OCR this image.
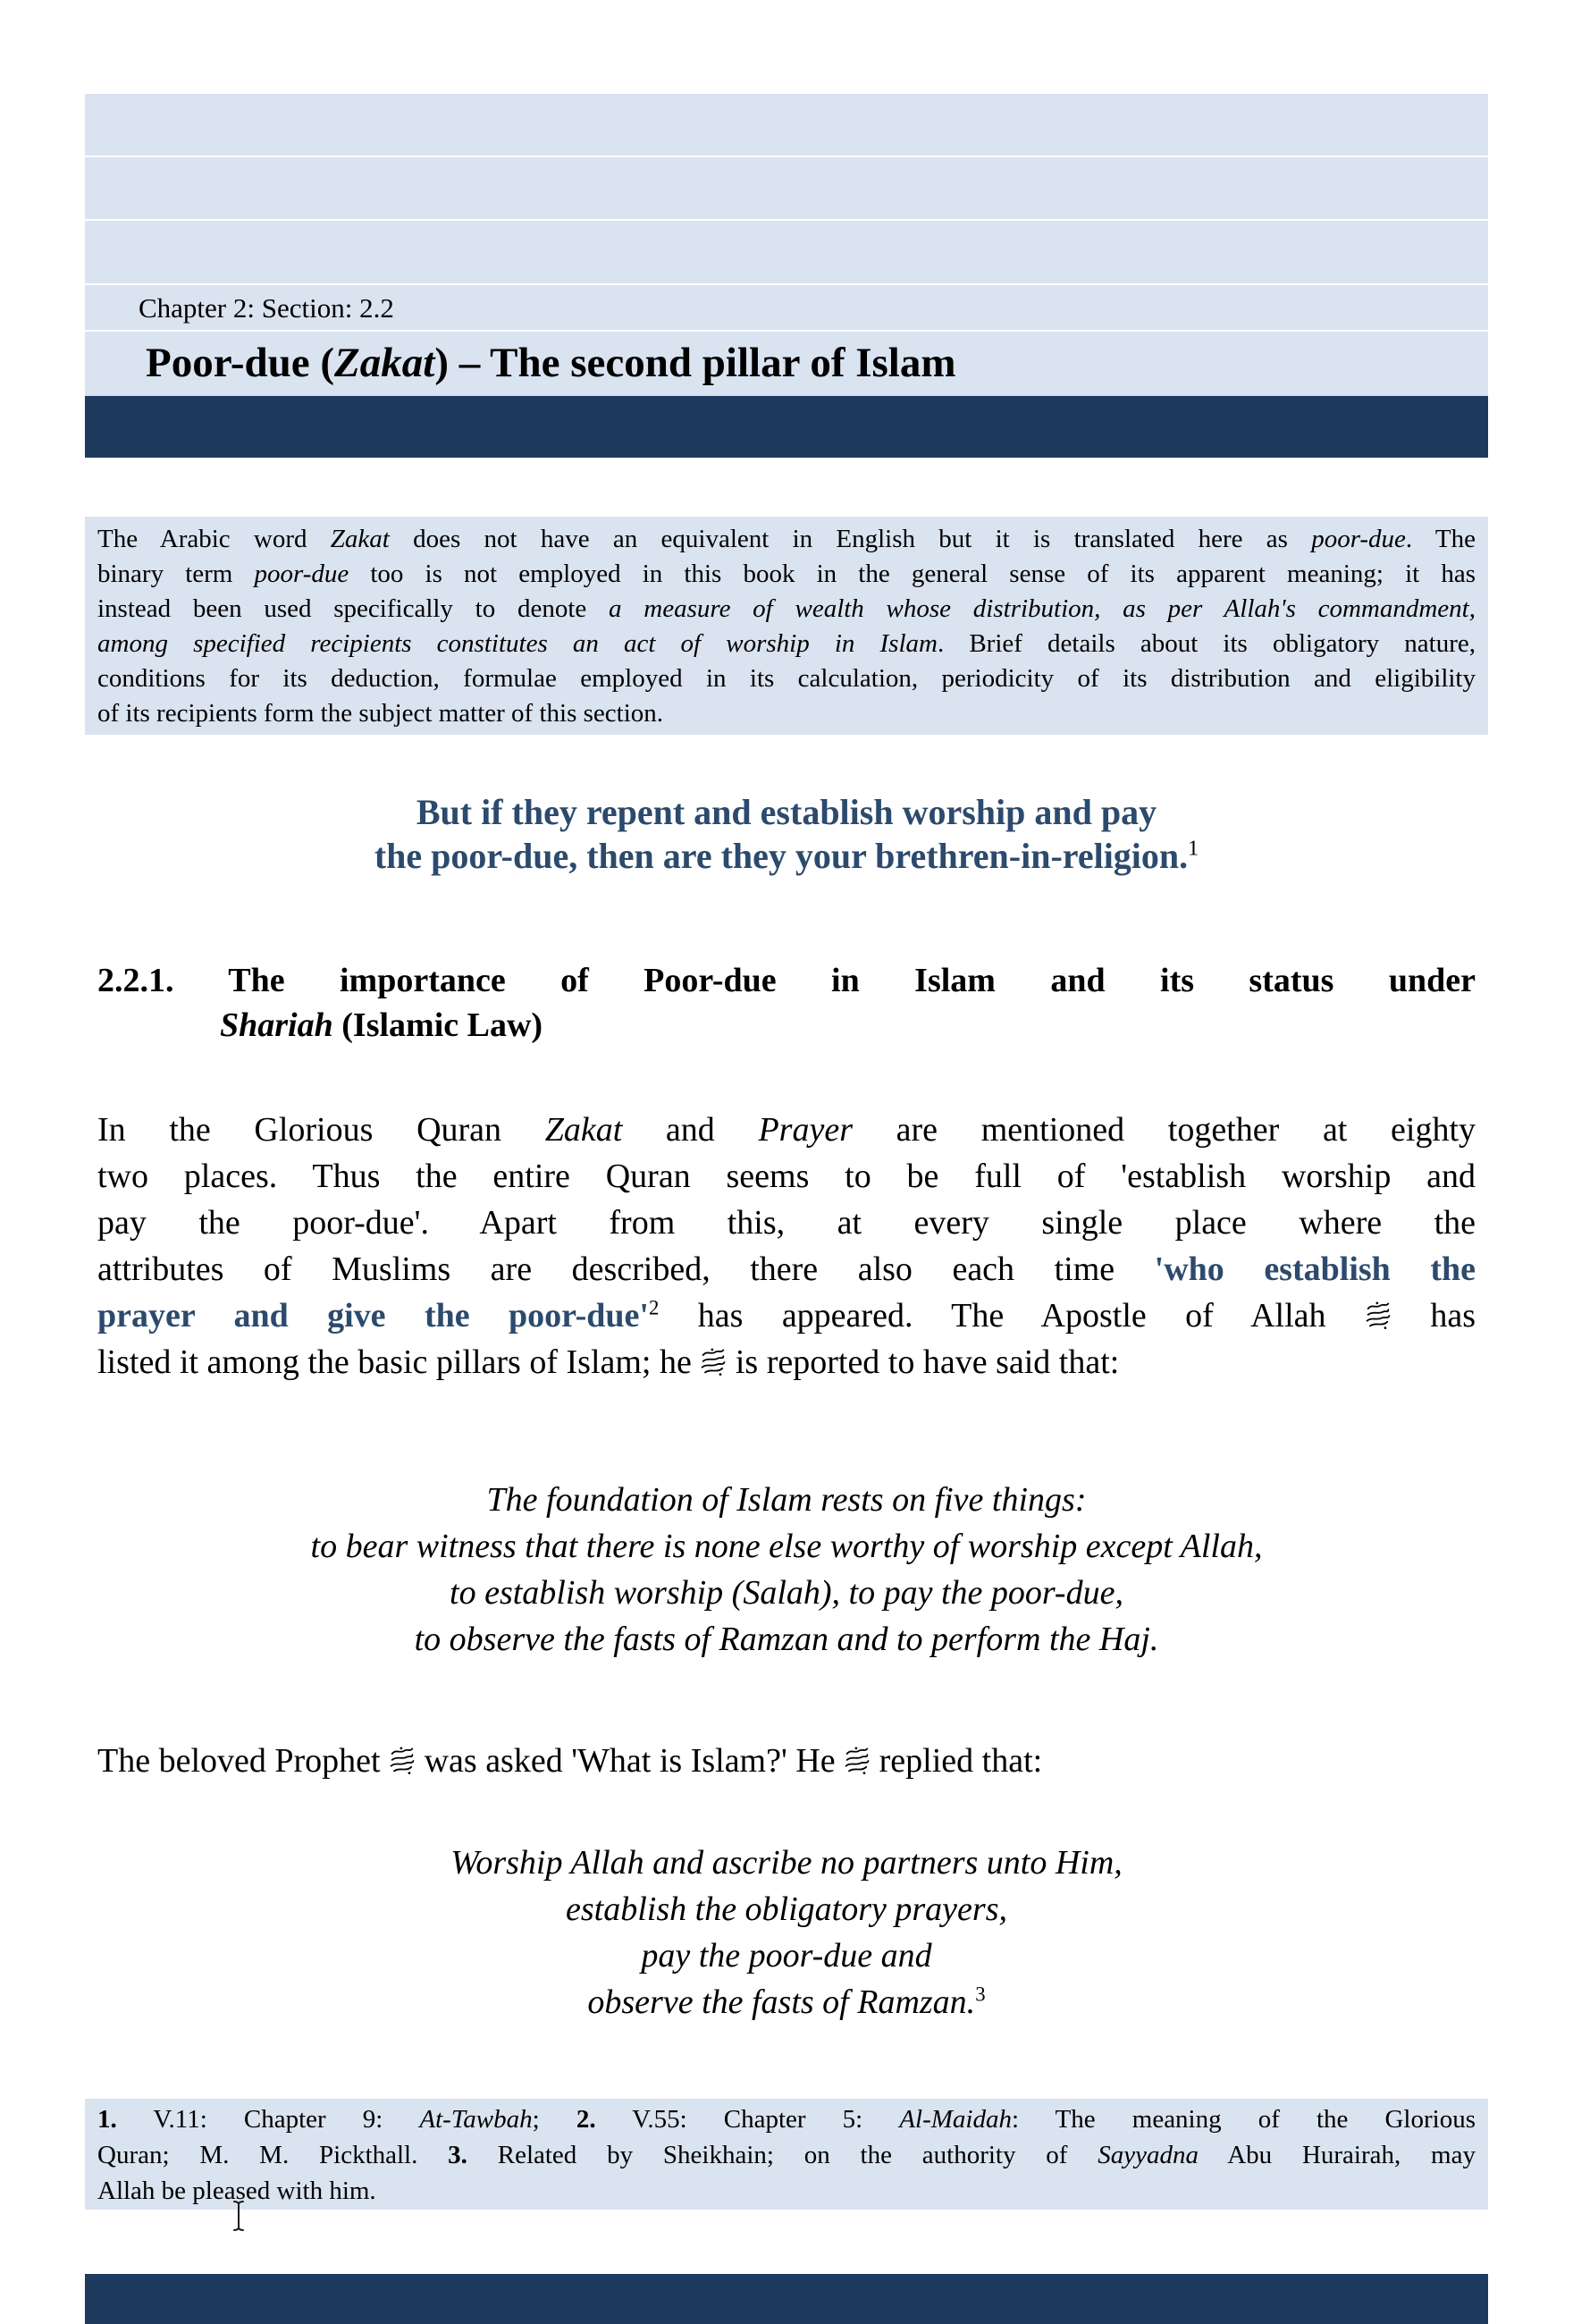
Chapter 2: Section: 2.2
Poor-due (Zakat) – The second pillar of Islam
The Arabic word Zakat does not have an equivalent in English but it is translated here as poor-due. The
binary term poor-due too is not employed in this book in the general sense of its apparent meaning; it has
instead been used specifically to denote a measure of wealth whose distribution, as per Allah's commandment,
among specified recipients constitutes an act of worship in Islam. Brief details about its obligatory nature,
conditions for its deduction, formulae employed in its calculation, periodicity of its distribution and eligibility
of its recipients form the subject matter of this section.
But if they repent and establish worship and pay
the poor-due, then are they your brethren-in-religion.$^1$
2.2.1. The importance of Poor-due in Islam and its status under
Shariah (Islamic Law)
In the Glorious Quran Zakat and Prayer are mentioned together at eighty
two places. Thus the entire Quran seems to be full of 'establish worship and
pay the poor-due'. Apart from this, at every single place where the
attributes of Muslims are described, there also each time 'who establish the
prayer and give the poor-$due'^2$ has appeared. The Apostle of Allah  has
listed it among the basic pillars of Islam; he  is reported to have said that:
The foundation of Islam rests on five things:
to bear witness that there is none else worthy of worship except Allah,
to establish worship (Salah), to pay the poor-due,
to observe the fasts of Ramzan and to perform the Haj.
The beloved Prophet  was asked 'What is Islam?' He  replied that:
Worship Allah and ascribe no partners unto Him,
establish the obligatory prayers,
pay the poor-due and
observe the fasts of Ramzan.$^3$
1. V.11: Chapter 9: At-Tawbah; 2. V.55: Chapter 5: Al-Maidah: The meaning of the Glorious
Quran; M. M. Pickthall. 3. Related by Sheikhain; on the authority of Sayyadna Abu Hurairah, may
Allah be pleased with him.
